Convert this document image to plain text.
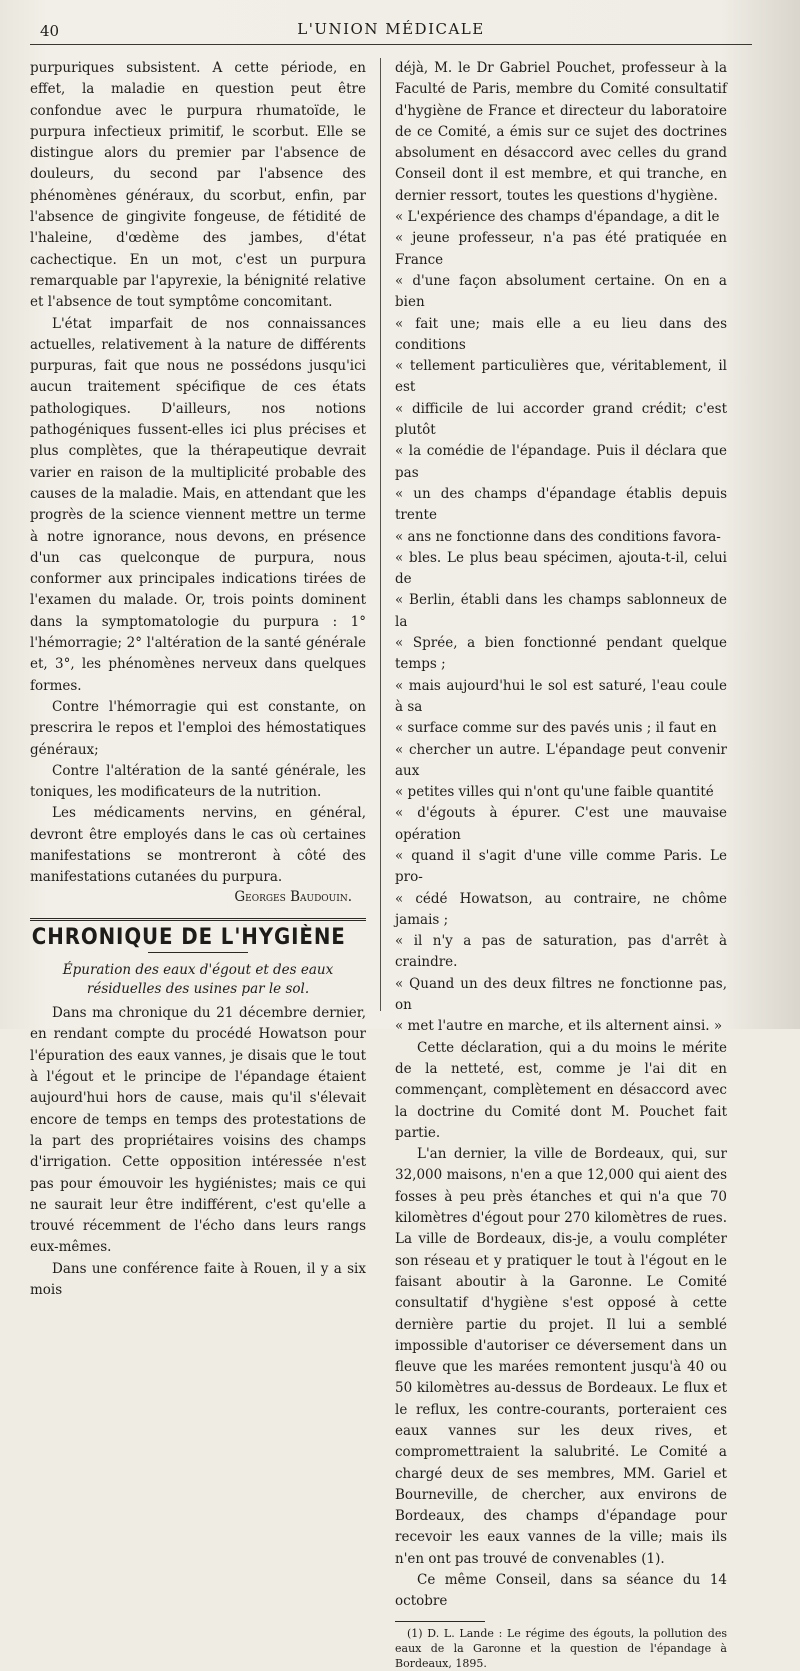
40	L'UNION MÉDICALE

purpuriques subsistent. A cette période, en effet, la maladie en question peut être confondue avec le purpura rhumatoïde, le purpura infectieux primitif, le scorbut. Elle se distingue alors du premier par l'absence de douleurs, du second par l'absence des phénomènes généraux, du scorbut, enfin, par l'absence de gingivite fongeuse, de fétidité de l'haleine, d'œdème des jambes, d'état cachectique. En un mot, c'est un purpura remarquable par l'apyrexie, la bénignité relative et l'absence de tout symptôme concomitant.

L'état imparfait de nos connaissances actuelles, relativement à la nature de différents purpuras, fait que nous ne possédons jusqu'ici aucun traitement spécifique de ces états pathologiques. D'ailleurs, nos notions pathogéniques fussent-elles ici plus précises et plus complètes, que la thérapeutique devrait varier en raison de la multiplicité probable des causes de la maladie. Mais, en attendant que les progrès de la science viennent mettre un terme à notre ignorance, nous devons, en présence d'un cas quelconque de purpura, nous conformer aux principales indications tirées de l'examen du malade. Or, trois points dominent dans la symptomatologie du purpura : 1° l'hémorragie; 2° l'altération de la santé générale et, 3°, les phénomènes nerveux dans quelques formes.

Contre l'hémorragie qui est constante, on prescrira le repos et l'emploi des hémostatiques généraux;

Contre l'altération de la santé générale, les toniques, les modificateurs de la nutrition.

Les médicaments nervins, en général, devront être employés dans le cas où certaines manifestations se montreront à côté des manifestations cutanées du purpura.

Georges Baudouin.
CHRONIQUE DE L'HYGIÈNE

Épuration des eaux d'égout et des eaux résiduelles des usines par le sol.

Dans ma chronique du 21 décembre dernier, en rendant compte du procédé Howatson pour l'épuration des eaux vannes, je disais que le tout à l'égout et le principe de l'épandage étaient aujourd'hui hors de cause, mais qu'il s'élevait encore de temps en temps des protestations de la part des propriétaires voisins des champs d'irrigation. Cette opposition intéressée n'est pas pour émouvoir les hygiénistes; mais ce qui ne saurait leur être indifférent, c'est qu'elle a trouvé récemment de l'écho dans leurs rangs eux-mêmes.

Dans une conférence faite à Rouen, il y a six mois

déjà, M. le Dr Gabriel Pouchet, professeur à la Faculté de Paris, membre du Comité consultatif d'hygiène de France et directeur du laboratoire de ce Comité, a émis sur ce sujet des doctrines absolument en désaccord avec celles du grand Conseil dont il est membre, et qui tranche, en dernier ressort, toutes les questions d'hygiène.

« L'expérience des champs d'épandage, a dit le
« jeune professeur, n'a pas été pratiquée en France
« d'une façon absolument certaine. On en a bien
« fait une; mais elle a eu lieu dans des conditions
« tellement particulières que, véritablement, il est
« difficile de lui accorder grand crédit; c'est plutôt
« la comédie de l'épandage. Puis il déclara que pas
« un des champs d'épandage établis depuis trente
« ans ne fonctionne dans des conditions favora-
« bles. Le plus beau spécimen, ajouta-t-il, celui de
« Berlin, établi dans les champs sablonneux de la
« Sprée, a bien fonctionné pendant quelque temps ;
« mais aujourd'hui le sol est saturé, l'eau coule à sa
« surface comme sur des pavés unis ; il faut en
« chercher un autre. L'épandage peut convenir aux
« petites villes qui n'ont qu'une faible quantité
« d'égouts à épurer. C'est une mauvaise opération
« quand il s'agit d'une ville comme Paris. Le pro-
« cédé Howatson, au contraire, ne chôme jamais ;
« il n'y a pas de saturation, pas d'arrêt à craindre.
« Quand un des deux filtres ne fonctionne pas, on
« met l'autre en marche, et ils alternent ainsi. »

Cette déclaration, qui a du moins le mérite de la netteté, est, comme je l'ai dit en commençant, complètement en désaccord avec la doctrine du Comité dont M. Pouchet fait partie.

L'an dernier, la ville de Bordeaux, qui, sur 32,000 maisons, n'en a que 12,000 qui aient des fosses à peu près étanches et qui n'a que 70 kilomètres d'égout pour 270 kilomètres de rues. La ville de Bordeaux, dis-je, a voulu compléter son réseau et y pratiquer le tout à l'égout en le faisant aboutir à la Garonne. Le Comité consultatif d'hygiène s'est opposé à cette dernière partie du projet. Il lui a semblé impossible d'autoriser ce déversement dans un fleuve que les marées remontent jusqu'à 40 ou 50 kilomètres au-dessus de Bordeaux. Le flux et le reflux, les contre-courants, porteraient ces eaux vannes sur les deux rives, et compromettraient la salubrité. Le Comité a chargé deux de ses membres, MM. Gariel et Bourneville, de chercher, aux environs de Bordeaux, des champs d'épandage pour recevoir les eaux vannes de la ville; mais ils n'en ont pas trouvé de convenables (1).

Ce même Conseil, dans sa séance du 14 octobre

(1) D. L. Lande : Le régime des égouts, la pollution des eaux de la Garonne et la question de l'épandage à Bordeaux, 1895.
